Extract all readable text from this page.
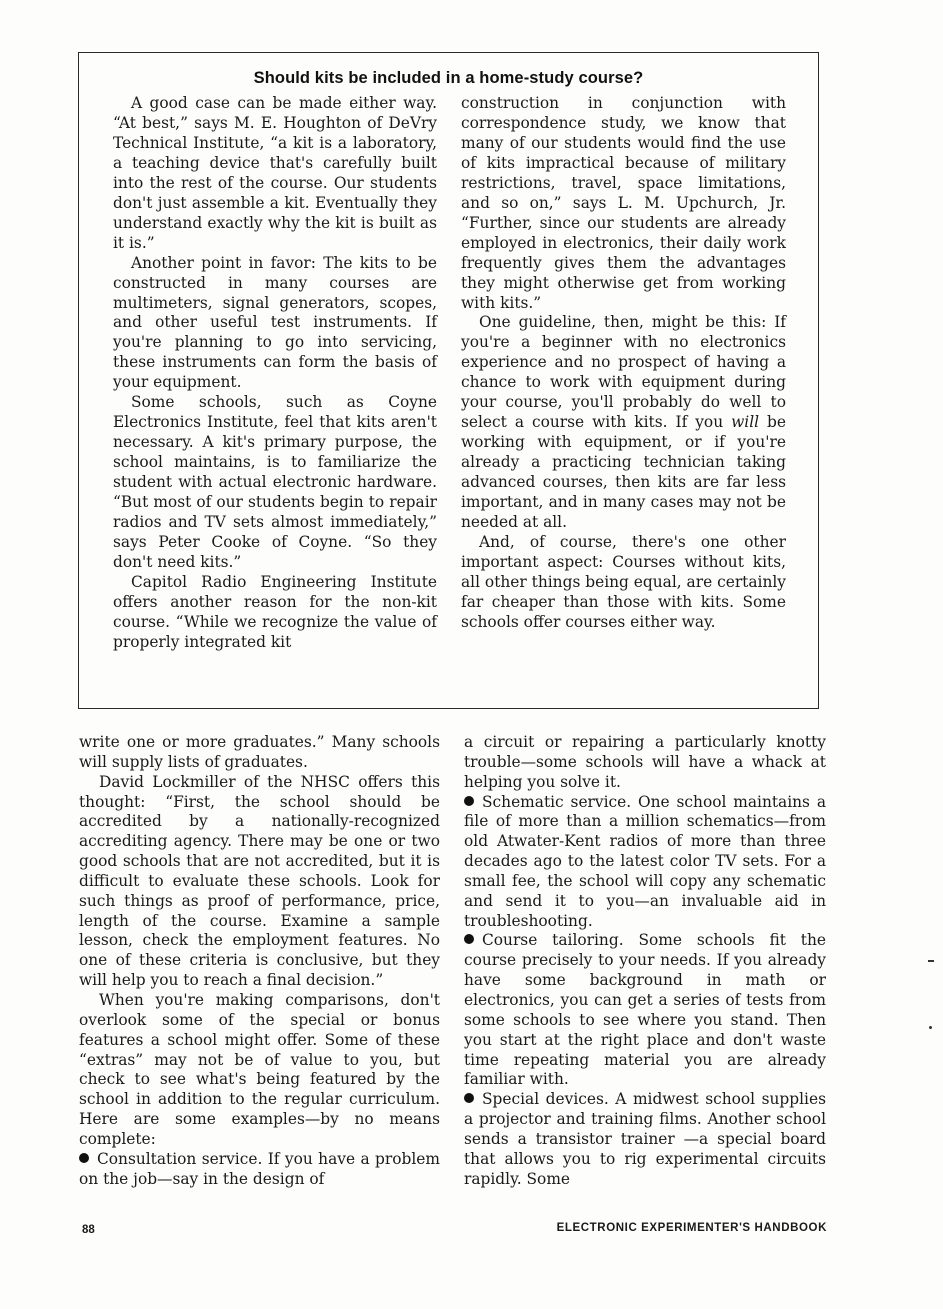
Should kits be included in a home-study course?

A good case can be made either way. “At best,” says M. E. Houghton of DeVry Technical Institute, “a kit is a laboratory, a teaching device that's carefully built into the rest of the course. Our students don't just assemble a kit. Eventually they understand exactly why the kit is built as it is.”

Another point in favor: The kits to be constructed in many courses are multimeters, signal generators, scopes, and other useful test instruments. If you're planning to go into servicing, these instruments can form the basis of your equipment.

Some schools, such as Coyne Electronics Institute, feel that kits aren't necessary. A kit's primary purpose, the school maintains, is to familiarize the student with actual electronic hardware. “But most of our students begin to repair radios and TV sets almost immediately,” says Peter Cooke of Coyne. “So they don't need kits.”

Capitol Radio Engineering Institute offers another reason for the non-kit course. “While we recognize the value of properly integrated kit

construction in conjunction with correspondence study, we know that many of our students would find the use of kits impractical because of military restrictions, travel, space limitations, and so on,” says L. M. Upchurch, Jr. “Further, since our students are already employed in electronics, their daily work frequently gives them the advantages they might otherwise get from working with kits.”

One guideline, then, might be this: If you're a beginner with no electronics experience and no prospect of having a chance to work with equipment during your course, you'll probably do well to select a course with kits. If you will be working with equipment, or if you're already a practicing technician taking advanced courses, then kits are far less important, and in many cases may not be needed at all.

And, of course, there's one other important aspect: Courses without kits, all other things being equal, are certainly far cheaper than those with kits. Some schools offer courses either way.

write one or more graduates.” Many schools will supply lists of graduates.

David Lockmiller of the NHSC offers this thought: “First, the school should be accredited by a nationally-recognized accrediting agency. There may be one or two good schools that are not accredited, but it is difficult to evaluate these schools. Look for such things as proof of performance, price, length of the course. Examine a sample lesson, check the employment features. No one of these criteria is conclusive, but they will help you to reach a final decision.”

When you're making comparisons, don't overlook some of the special or bonus features a school might offer. Some of these “extras” may not be of value to you, but check to see what's being featured by the school in addition to the regular curriculum. Here are some examples—by no means complete:

Consultation service. If you have a problem on the job—say in the design of

a circuit or repairing a particularly knotty trouble—some schools will have a whack at helping you solve it.

Schematic service. One school maintains a file of more than a million schematics—from old Atwater-Kent radios of more than three decades ago to the latest color TV sets. For a small fee, the school will copy any schematic and send it to you—an invaluable aid in troubleshooting.

Course tailoring. Some schools fit the course precisely to your needs. If you already have some background in math or electronics, you can get a series of tests from some schools to see where you stand. Then you start at the right place and don't waste time repeating material you are already familiar with.

Special devices. A midwest school supplies a projector and training films. Another school sends a transistor trainer —a special board that allows you to rig experimental circuits rapidly. Some

88	ELECTRONIC EXPERIMENTER'S HANDBOOK
